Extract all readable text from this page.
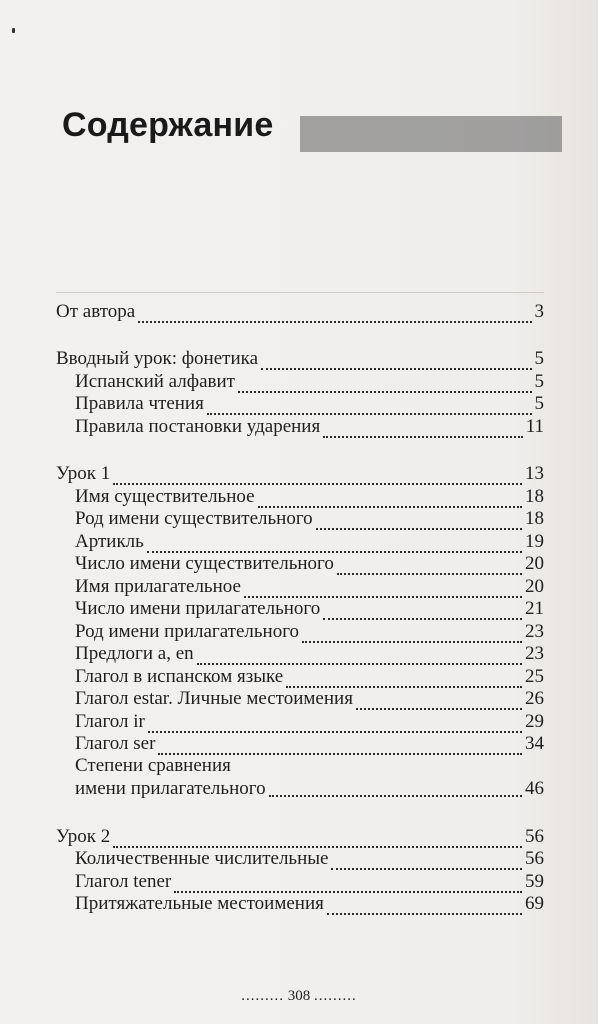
Содержание
От автора	3
Вводный урок: фонетика	5
Испанский алфавит	5
Правила чтения	5
Правила постановки ударения	11
Урок 1	13
Имя существительное	18
Род имени существительного	18
Артикль	19
Число имени существительного	20
Имя прилагательное	20
Число имени прилагательного	21
Род имени прилагательного	23
Предлоги a, en	23
Глагол в испанском языке	25
Глагол estar. Личные местоимения	26
Глагол ir	29
Глагол ser	34
Степени сравнения
имени прилагательного	46
Урок 2	56
Количественные числительные	56
Глагол tener	59
Притяжательные местоимения	69
......... 308 .........
